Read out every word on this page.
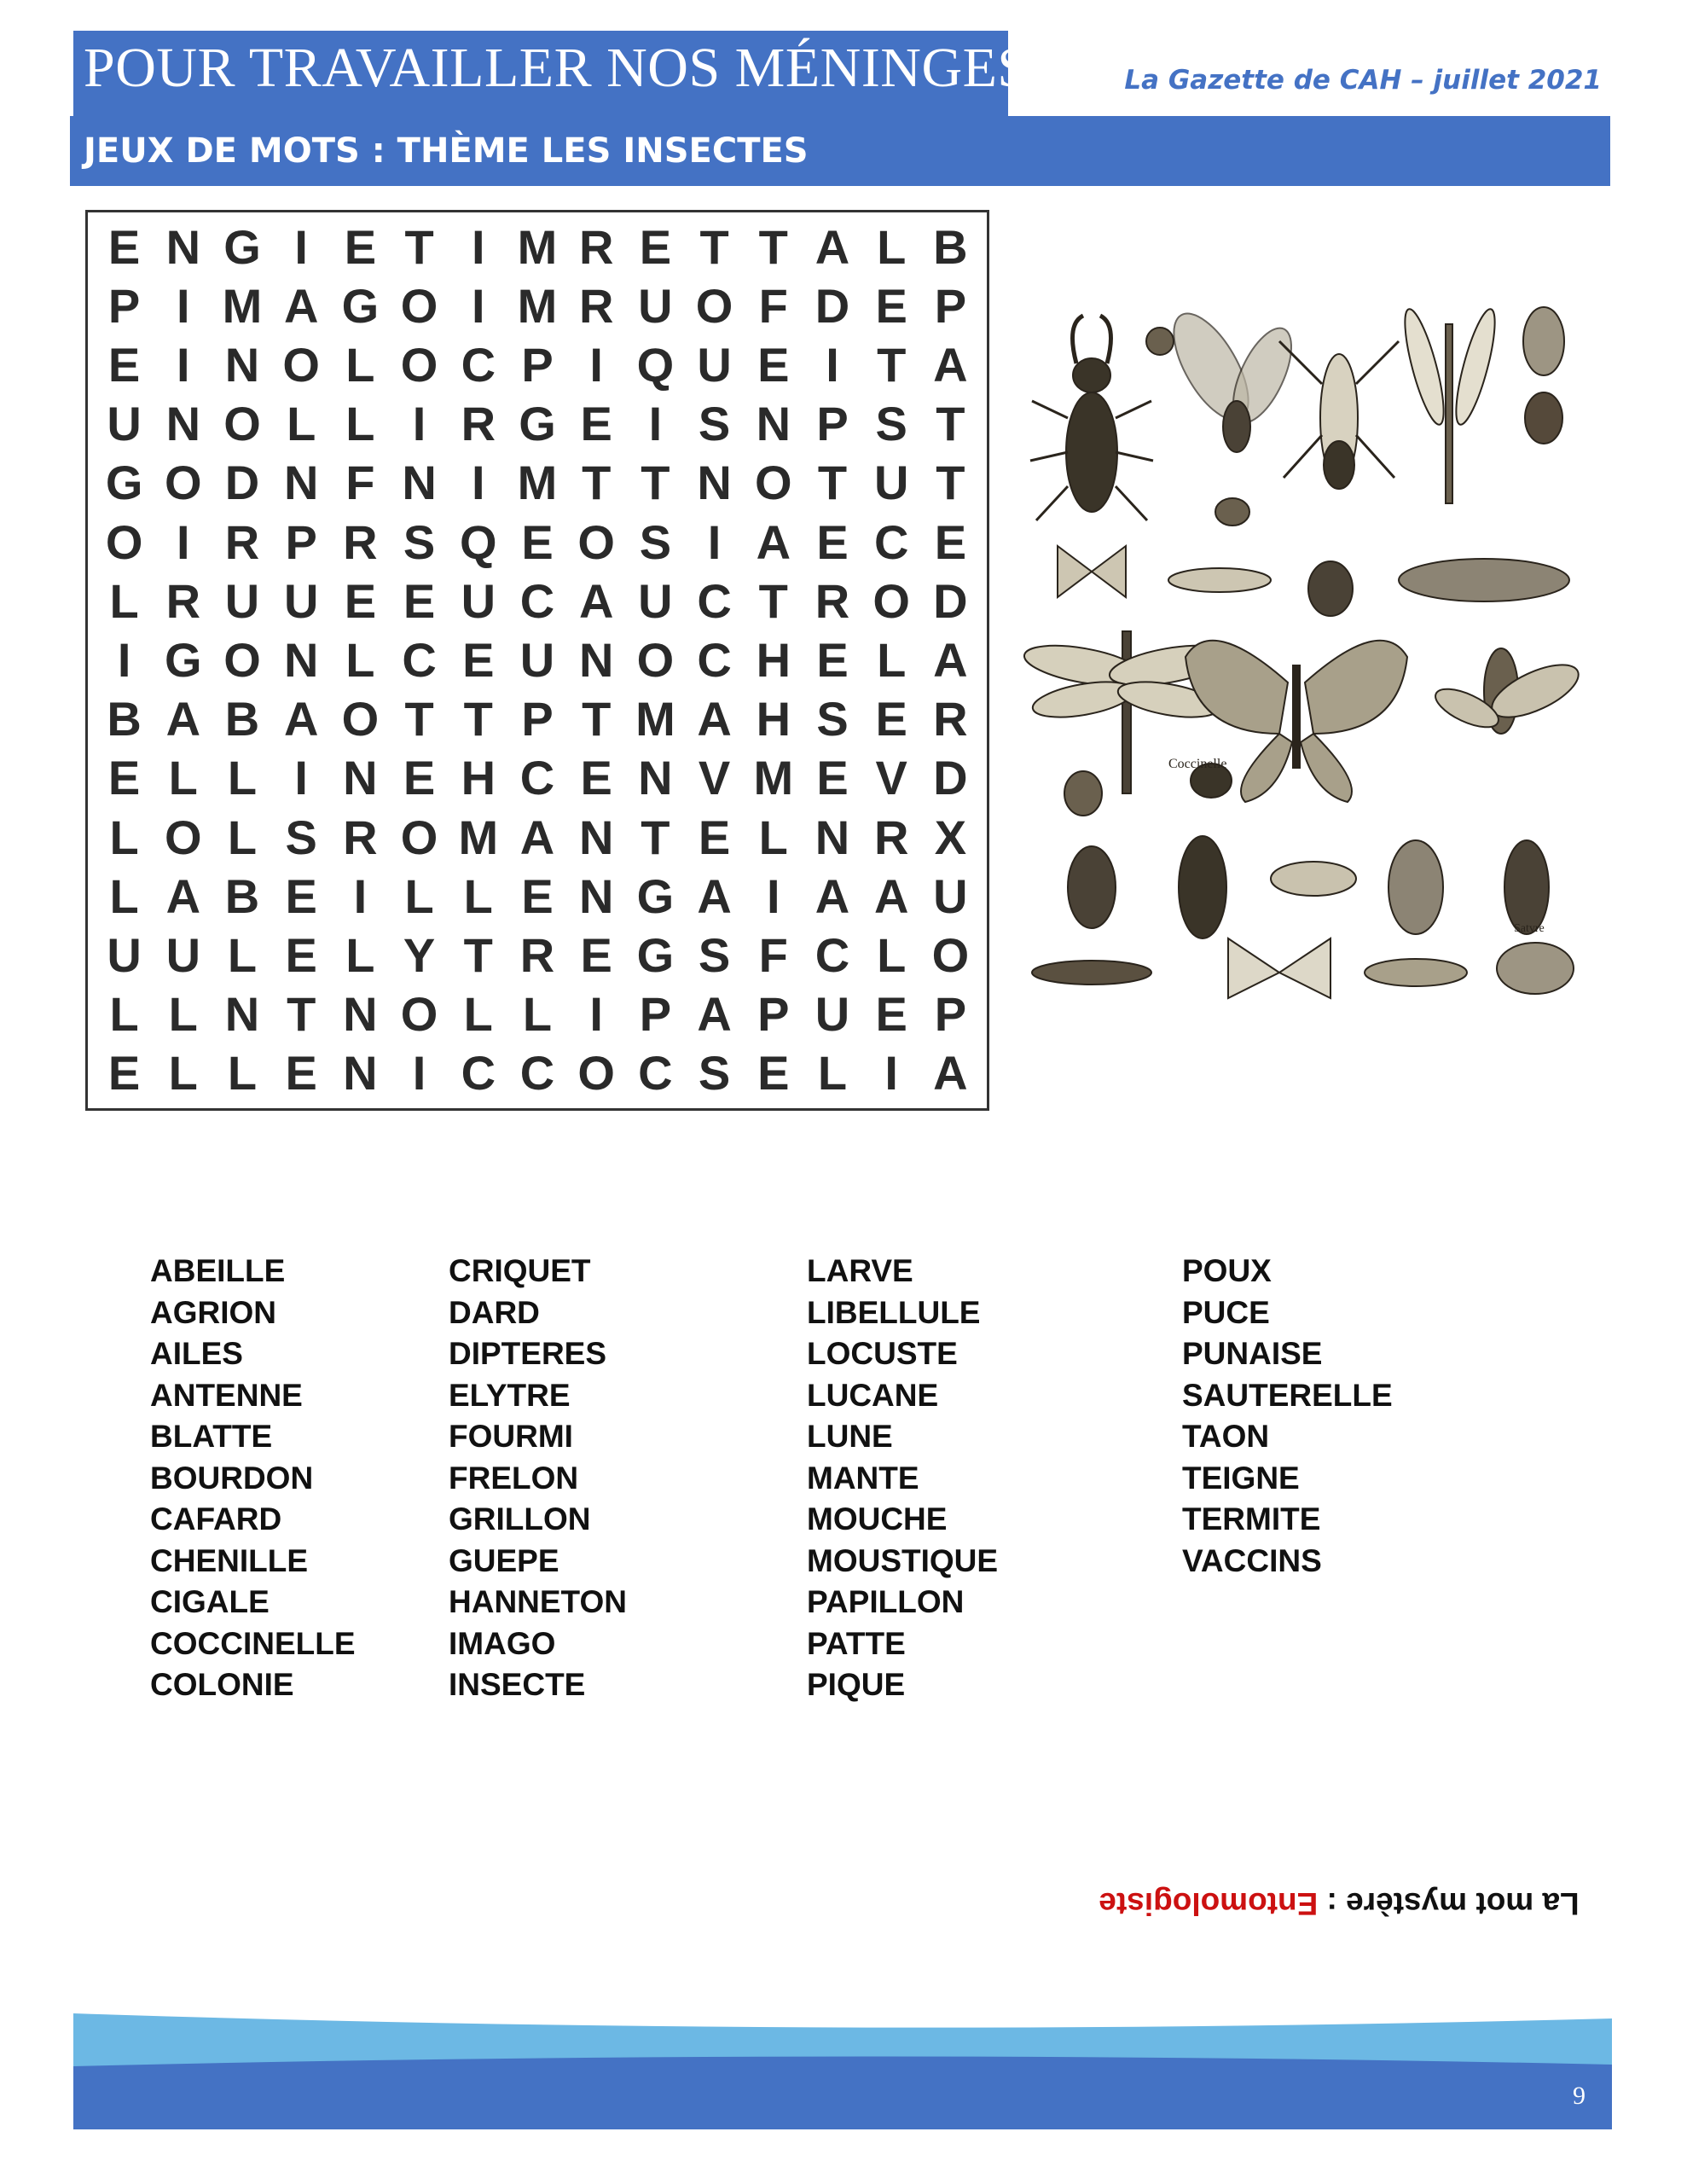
POUR TRAVAILLER NOS MÉNINGES	La Gazette de CAH – juillet 2021
JEUX DE MOTS : THÈME LES INSECTES
E N G I E T I M R E T T A L B
P I M A G O I M R U O F D E P
E I N O L O C P I Q U E I T A
U N O L L I R G E I S N P S T
G O D N F N I M T T N O T U T
O I R P R S Q E O S I A E C E
L R U U E E U C A U C T R O D
I G O N L C E U N O C H E L A
B A B A O T T P T M A H S E R
E L L I N E H C E N V M E V D
L O L S R O M A N T E L N R X
L A B E I L L E N G A I A A U
U U L E L Y T R E G S F C L O
L L N T N O L L I P A P U E P
E L L E N I C C O C S E L I A
Coccinelle
Satyre
ABEILLE
AGRION
AILES
ANTENNE
BLATTE
BOURDON
CAFARD
CHENILLE
CIGALE
COCCINELLE
COLONIE
CRIQUET
DARD
DIPTERES
ELYTRE
FOURMI
FRELON
GRILLON
GUEPE
HANNETON
IMAGO
INSECTE
LARVE
LIBELLULE
LOCUSTE
LUCANE
LUNE
MANTE
MOUCHE
MOUSTIQUE
PAPILLON
PATTE
PIQUE
POUX
PUCE
PUNAISE
SAUTERELLE
TAON
TEIGNE
TERMITE
VACCINS
La mot mystère : Entomologiste
9
